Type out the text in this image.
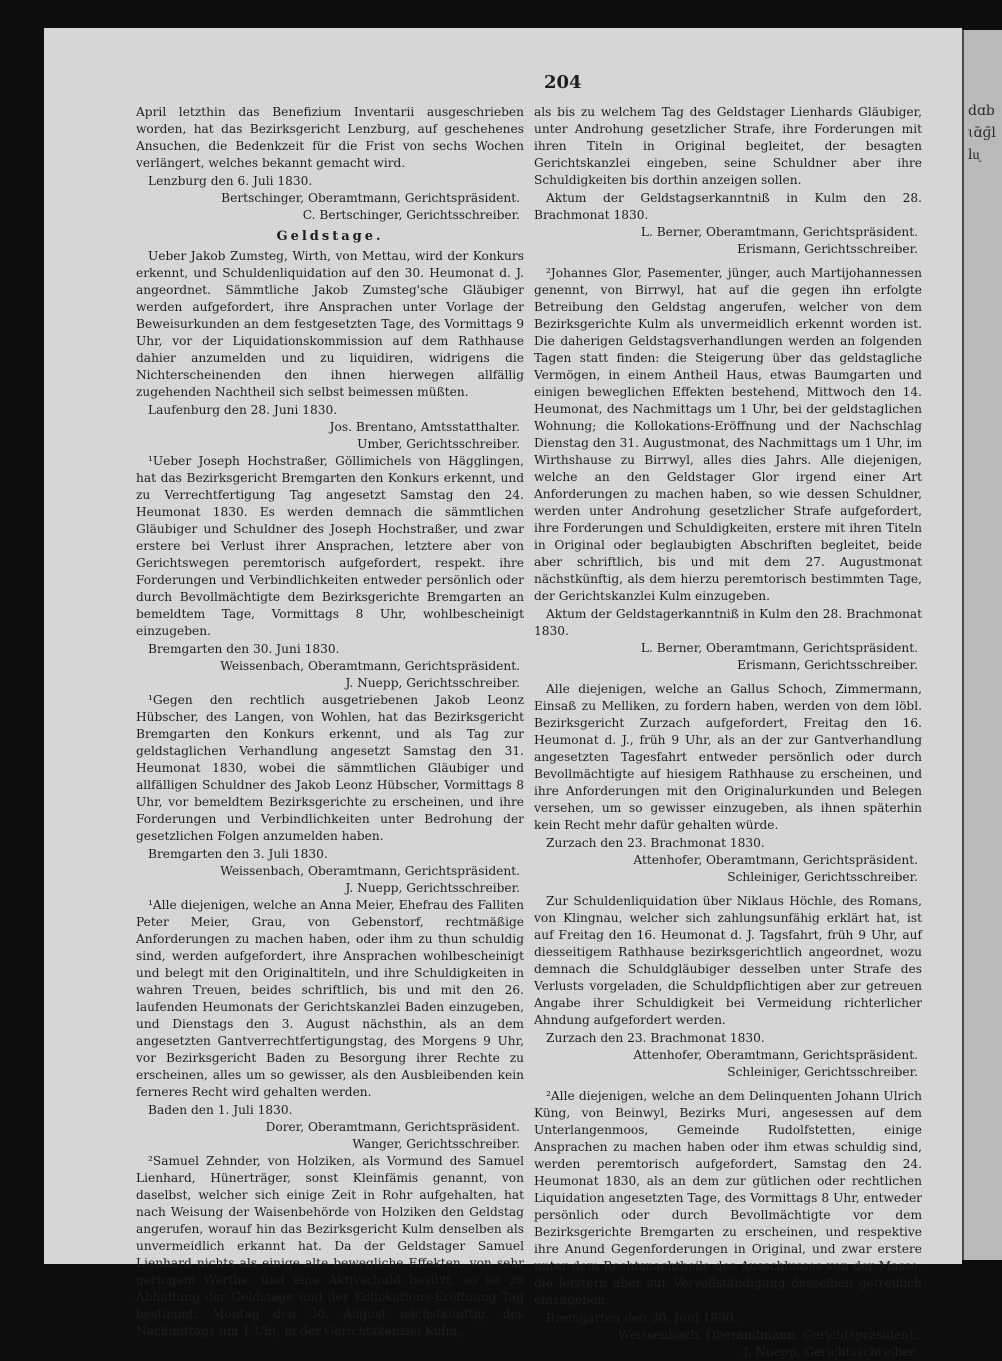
204

April letzthin das Benefizium Inventarii ausgeschrieben worden, hat das Bezirksgericht Lenzburg, auf geschehenes Ansuchen, die Bedenkzeit für die Frist von sechs Wochen verlängert, welches bekannt gemacht wird.

Lenzburg den 6. Juli 1830.

Bertschinger, Oberamtmann, Gerichtspräsident.

C. Bertschinger, Gerichtsschreiber.

Geldstage.

Ueber Jakob Zumsteg, Wirth, von Mettau, wird der Konkurs erkennt, und Schuldenliquidation auf den 30. Heumonat d. J. angeordnet. Sämmtliche Jakob Zumsteg'sche Gläubiger werden aufgefordert, ihre Ansprachen unter Vorlage der Beweisurkunden an dem festgesetzten Tage, des Vormittags 9 Uhr, vor der Liquidationskommission auf dem Rathhause dahier anzumelden und zu liquidiren, widrigens die Nichterscheinenden den ihnen hierwegen allfällig zugehenden Nachtheil sich selbst beimessen müßten.

Laufenburg den 28. Juni 1830.

Jos. Brentano, Amtsstatthalter.

Umber, Gerichtsschreiber.

¹Ueber Joseph Hochstraßer, Göllimichels von Hägglingen, hat das Bezirksgericht Bremgarten den Konkurs erkennt, und zu Verrechtfertigung Tag angesetzt Samstag den 24. Heumonat 1830. Es werden demnach die sämmtlichen Gläubiger und Schuldner des Joseph Hochstraßer, und zwar erstere bei Verlust ihrer Ansprachen, letztere aber von Gerichtswegen peremtorisch aufgefordert, respekt. ihre Forderungen und Verbindlichkeiten entweder persönlich oder durch Bevollmächtigte dem Bezirksgerichte Bremgarten an bemeldtem Tage, Vormittags 8 Uhr, wohlbescheinigt einzugeben.

Bremgarten den 30. Juni 1830.

Weissenbach, Oberamtmann, Gerichtspräsident.

J. Nuepp, Gerichtsschreiber.

¹Gegen den rechtlich ausgetriebenen Jakob Leonz Hübscher, des Langen, von Wohlen, hat das Bezirksgericht Bremgarten den Konkurs erkennt, und als Tag zur geldstaglichen Verhandlung angesetzt Samstag den 31. Heumonat 1830, wobei die sämmtlichen Gläubiger und allfälligen Schuldner des Jakob Leonz Hübscher, Vormittags 8 Uhr, vor bemeldtem Bezirksgerichte zu erscheinen, und ihre Forderungen und Verbindlichkeiten unter Bedrohung der gesetzlichen Folgen anzumelden haben.

Bremgarten den 3. Juli 1830.

Weissenbach, Oberamtmann, Gerichtspräsident.

J. Nuepp, Gerichtsschreiber.

¹Alle diejenigen, welche an Anna Meier, Ehefrau des Falliten Peter Meier, Grau, von Gebenstorf, rechtmäßige Anforderungen zu machen haben, oder ihm zu thun schuldig sind, werden aufgefordert, ihre Ansprachen wohlbescheinigt und belegt mit den Originaltiteln, und ihre Schuldigkeiten in wahren Treuen, beides schriftlich, bis und mit den 26. laufenden Heumonats der Gerichtskanzlei Baden einzugeben, und Dienstags den 3. August nächsthin, als an dem angesetzten Gantverrechtfertigungstag, des Morgens 9 Uhr, vor Bezirksgericht Baden zu Besorgung ihrer Rechte zu erscheinen, alles um so gewisser, als den Ausbleibenden kein ferneres Recht wird gehalten werden.

Baden den 1. Juli 1830.

Dorer, Oberamtmann, Gerichtspräsident.

Wanger, Gerichtsschreiber.

²Samuel Zehnder, von Holziken, als Vormund des Samuel Lienhard, Hünerträger, sonst Kleinfämis genannt, von daselbst, welcher sich einige Zeit in Rohr aufgehalten, hat nach Weisung der Waisenbehörde von Holziken den Geldstag angerufen, worauf hin das Bezirksgericht Kulm denselben als unvermeidlich erkannt hat. Da der Geldstager Samuel Lienhard nichts als einige alte bewegliche Effekten, von sehr geringem Werthe, und eine Aktivschuld besitzt, so ist zu Abhaltung der Geldstage und der Kollokations-Eröffnung Tag bestimmt: Montag den 30. August nächstkünftig, des Nachmittags um 1 Uhr, in der Gerichtskanzlei Kulm,

als bis zu welchem Tag des Geldstager Lienhards Gläubiger, unter Androhung gesetzlicher Strafe, ihre Forderungen mit ihren Titeln in Original begleitet, der besagten Gerichtskanzlei eingeben, seine Schuldner aber ihre Schuldigkeiten bis dorthin anzeigen sollen.

Aktum der Geldstagserkanntniß in Kulm den 28. Brachmonat 1830.

L. Berner, Oberamtmann, Gerichtspräsident.

Erismann, Gerichtsschreiber.

²Johannes Glor, Pasementer, jünger, auch Martijohannessen genennt, von Birrwyl, hat auf die gegen ihn erfolgte Betreibung den Geldstag angerufen, welcher von dem Bezirksgerichte Kulm als unvermeidlich erkennt worden ist. Die daherigen Geldstagsverhandlungen werden an folgenden Tagen statt finden: die Steigerung über das geldstagliche Vermögen, in einem Antheil Haus, etwas Baumgarten und einigen beweglichen Effekten bestehend, Mittwoch den 14. Heumonat, des Nachmittags um 1 Uhr, bei der geldstaglichen Wohnung; die Kollokations-Eröffnung und der Nachschlag Dienstag den 31. Augustmonat, des Nachmittags um 1 Uhr, im Wirthshause zu Birrwyl, alles dies Jahrs. Alle diejenigen, welche an den Geldstager Glor irgend einer Art Anforderungen zu machen haben, so wie dessen Schuldner, werden unter Androhung gesetzlicher Strafe aufgefordert, ihre Forderungen und Schuldigkeiten, erstere mit ihren Titeln in Original oder beglaubigten Abschriften begleitet, beide aber schriftlich, bis und mit dem 27. Augustmonat nächstkünftig, als dem hierzu peremtorisch bestimmten Tage, der Gerichtskanzlei Kulm einzugeben.

Aktum der Geldstagerkanntniß in Kulm den 28. Brachmonat 1830.

L. Berner, Oberamtmann, Gerichtspräsident.

Erismann, Gerichtsschreiber.

Alle diejenigen, welche an Gallus Schoch, Zimmermann, Einsaß zu Melliken, zu fordern haben, werden von dem löbl. Bezirksgericht Zurzach aufgefordert, Freitag den 16. Heumonat d. J., früh 9 Uhr, als an der zur Gantverhandlung angesetzten Tagesfahrt entweder persönlich oder durch Bevollmächtigte auf hiesigem Rathhause zu erscheinen, und ihre Anforderungen mit den Originalurkunden und Belegen versehen, um so gewisser einzugeben, als ihnen späterhin kein Recht mehr dafür gehalten würde.

Zurzach den 23. Brachmonat 1830.

Attenhofer, Oberamtmann, Gerichtspräsident.

Schleiniger, Gerichtsschreiber.

Zur Schuldenliquidation über Niklaus Höchle, des Romans, von Klingnau, welcher sich zahlungsunfähig erklärt hat, ist auf Freitag den 16. Heumonat d. J. Tagsfahrt, früh 9 Uhr, auf diesseitigem Rathhause bezirksgerichtlich angeordnet, wozu demnach die Schuldgläubiger desselben unter Strafe des Verlusts vorgeladen, die Schuldpflichtigen aber zur getreuen Angabe ihrer Schuldigkeit bei Vermeidung richterlicher Ahndung aufgefordert werden.

Zurzach den 23. Brachmonat 1830.

Attenhofer, Oberamtmann, Gerichtspräsident.

Schleiniger, Gerichtsschreiber.

²Alle diejenigen, welche an dem Delinquenten Johann Ulrich Küng, von Beinwyl, Bezirks Muri, angesessen auf dem Unterlangenmoos, Gemeinde Rudolfstetten, einige Ansprachen zu machen haben oder ihm etwas schuldig sind, werden peremtorisch aufgefordert, Samstag den 24. Heumonat 1830, als an dem zur gütlichen oder rechtlichen Liquidation angesetzten Tage, des Vormittags 8 Uhr, entweder persönlich oder durch Bevollmächtigte vor dem Bezirksgerichte Bremgarten zu erscheinen, und respektive ihre Anund Gegenforderungen in Original, und zwar erstere unter dem Rechtsnachtheile des Ausschlusses von der Masse, die letztern aber zur Vervollständigung desselben getreulich einzugeben.

Bremgarten den 30. Juni 1830.

Weissenbach, Oberamtmann, Gerichtspräsident.

J. Nuepp, Gerichtsschreiber.

dɑbɩɑ̄ɡ̄llᶙ
